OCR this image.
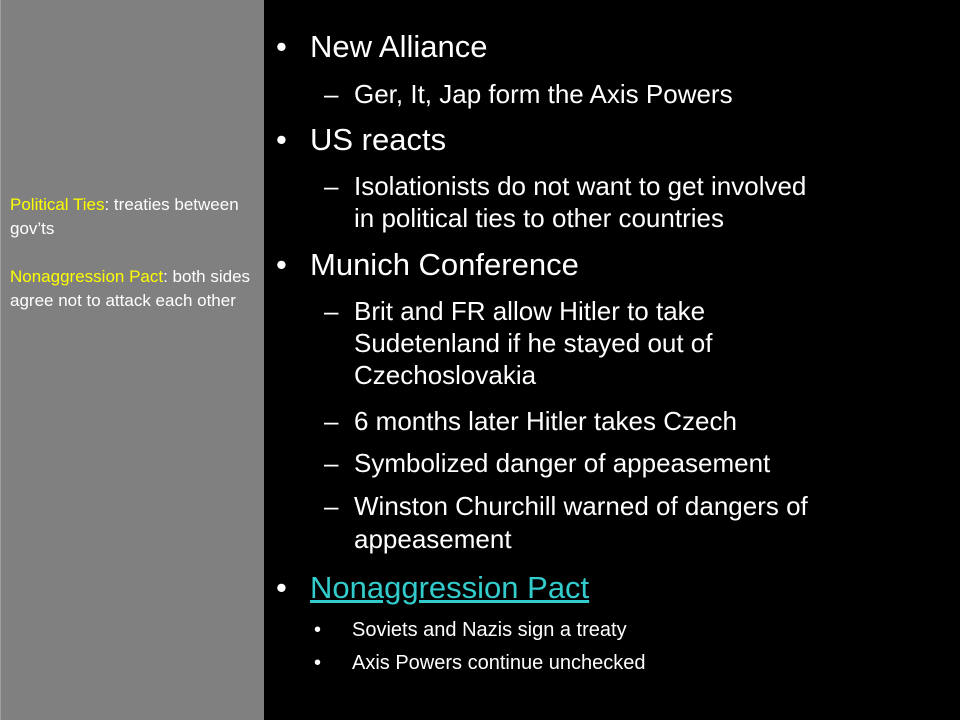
Political Ties: treaties between gov’ts
Nonaggression Pact: both sides agree not to attack each other
• New Alliance
– Ger, It, Jap form the Axis Powers
• US reacts
– Isolationists do not want to get involved
in political ties to other countries
• Munich Conference
– Brit and FR allow Hitler to take
Sudetenland if he stayed out of
Czechoslovakia
– 6 months later Hitler takes Czech
– Symbolized danger of appeasement
– Winston Churchill warned of dangers of
appeasement
• Nonaggression Pact
• Soviets and Nazis sign a treaty
• Axis Powers continue unchecked
